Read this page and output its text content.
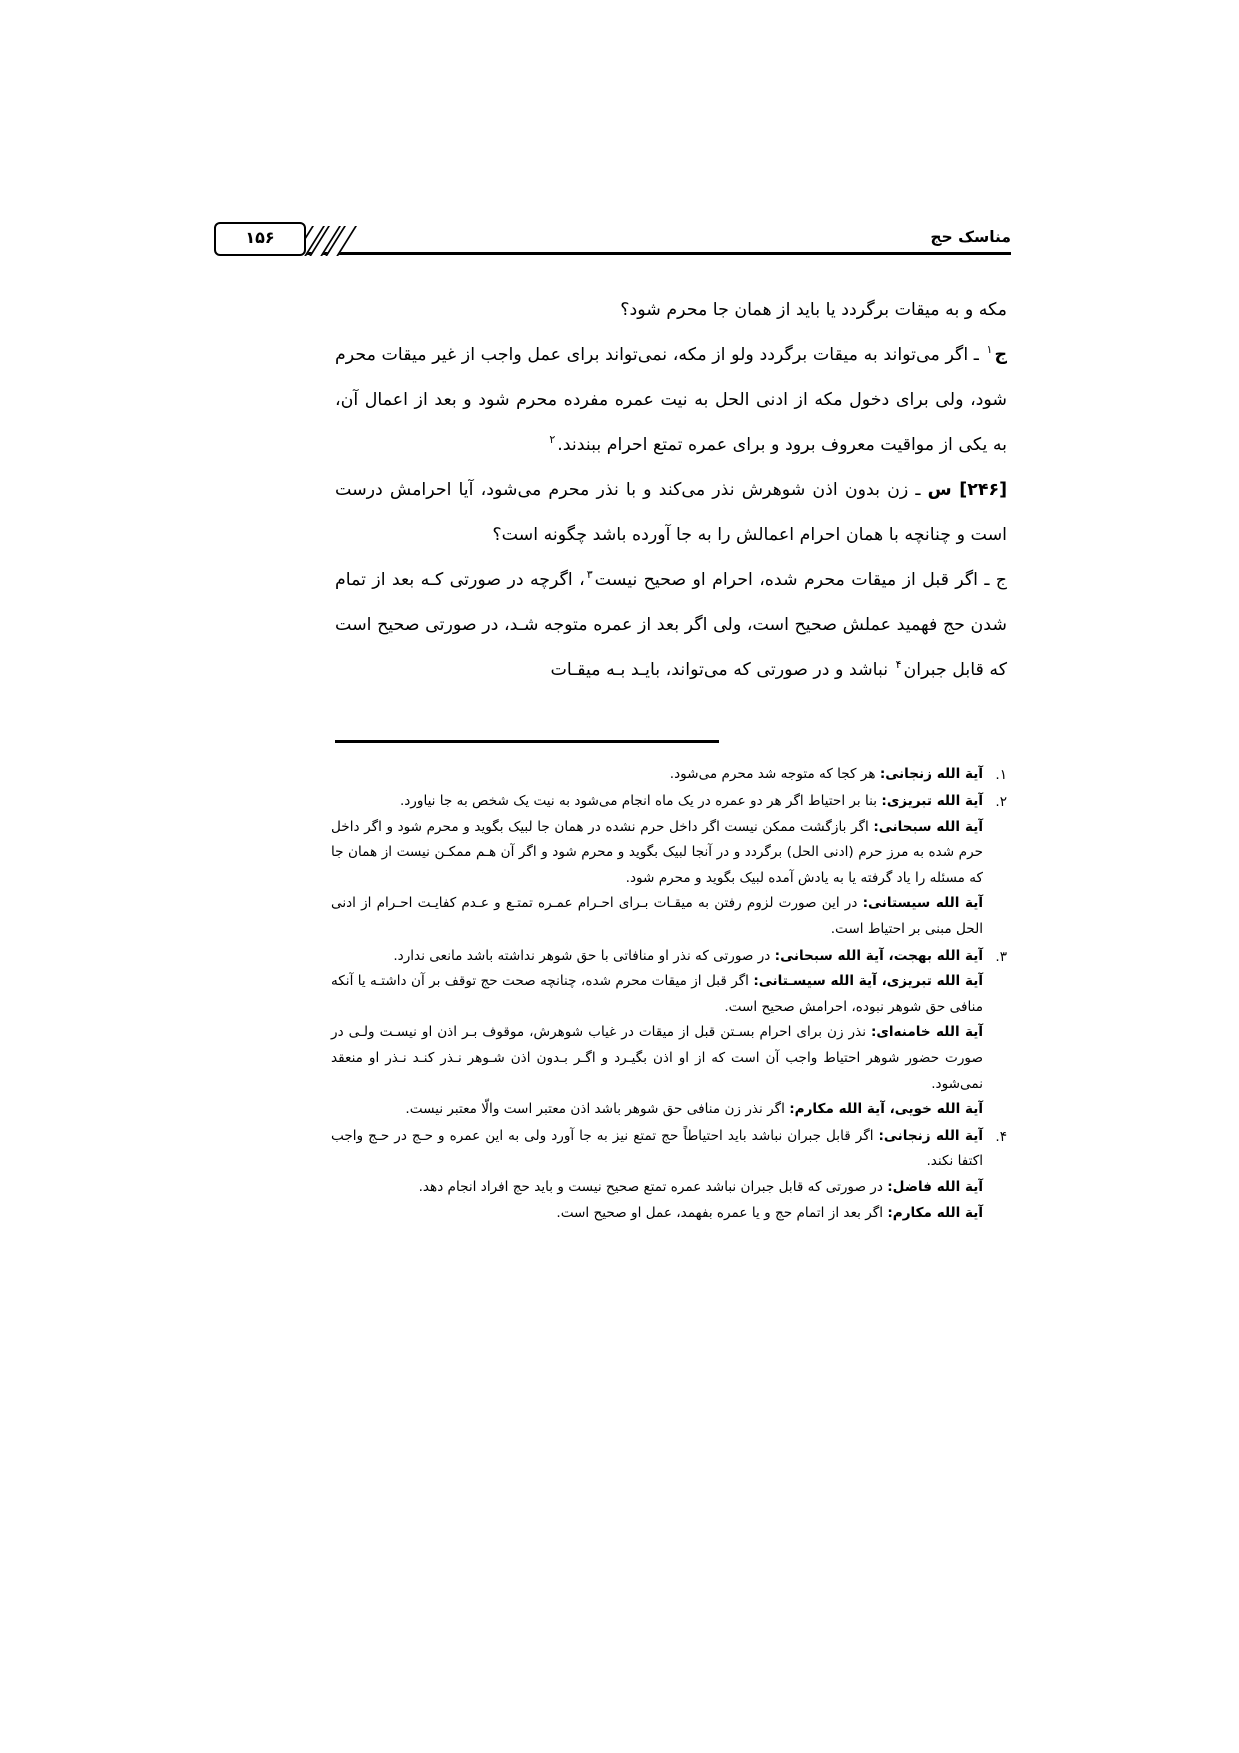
مناسک حج
۱۵۶

مکه و به میقات برگردد یا باید از همان جا محرم شود؟

ج$^۱$ ـ اگر می‌تواند به میقات برگردد ولو از مکه، نمی‌تواند برای عمل واجب از غیر میقات محرم شود، ولی برای دخول مکه از ادنی الحل به نیت عمره مفرده محرم شود و بعد از اعمال آن، به یکی از مواقیت معروف برود و برای عمره تمتع احرام ببندند.$^۲$

[۲۴۶] س ـ زن بدون اذن شوهرش نذر می‌کند و با نذر محرم می‌شود، آیا احرامش درست است و چنانچه با همان احرام اعمالش را به جا آورده باشد چگونه است؟

ج ـ اگر قبل از میقات محرم شده، احرام او صحیح نیست$^۳$، اگرچه در صورتی کـه بعد از تمام شدن حج فهمید عملش صحیح است، ولی اگر بعد از عمره متوجه شـد، در صورتی صحیح است که قابل جبران$^۴$ نباشد و در صورتی که می‌تواند، بایـد بـه میقـات

۱.

آیة الله زنجانی: هر کجا که متوجه شد محرم می‌شود.

۲.

آیة الله تبریزی: بنا بر احتیاط اگر هر دو عمره در یک ماه انجام می‌شود به نیت یک شخص به جا نیاورد.

آیة الله سبحانی: اگر بازگشت ممکن نیست اگر داخل حرم نشده در همان جا لبیک بگوید و محرم شود و اگر داخل حرم شده به مرز حرم (ادنی الحل) برگردد و در آنجا لبیک بگوید و محرم شود و اگر آن هـم ممکـن نیست از همان جا که مسئله را یاد گرفته یا به یادش آمده لبیک بگوید و محرم شود.

آیة الله سیستانی: در این صورت لزوم رفتن به میقـات بـرای احـرام عمـره تمتـع و عـدم کفایـت احـرام از ادنی الحل مبنی بر احتیاط است.

۳.

آیة الله بهجت، آیة الله سبحانی: در صورتی که نذر او منافاتی با حق شوهر نداشته باشد مانعی ندارد.

آیة الله تبریزی، آیة الله سیسـتانی: اگر قبل از میقات محرم شده، چنانچه صحت حج توقف بر آن داشتـه یا آنکه منافی حق شوهر نبوده، احرامش صحیح است.

آیة الله خامنه‌ای: نذر زن برای احرام بسـتن قبل از میقات در غیاب شوهرش، موقوف بـر اذن او نیسـت ولـی در صورت حضور شوهر احتیاط واجب آن است که از او اذن بگیـرد و اگـر بـدون اذن شـوهر نـذر کنـد نـذر او منعقد نمی‌شود.

آیة الله خویی، آیة الله مکارم: اگر نذر زن منافی حق شوهر باشد اذن معتبر است والّا معتبر نیست.

۴.

آیة الله زنجانی: اگر قابل جبران نباشد باید احتیاطاً حج تمتع نیز به جا آورد ولی به این عمره و حـج در حـج واجب اکتفا نکند.

آیة الله فاضل: در صورتی که قابل جبران نباشد عمره تمتع صحیح نیست و باید حج افراد انجام دهد.

آیة الله مکارم: اگر بعد از اتمام حج و یا عمره بفهمد، عمل او صحیح است.
